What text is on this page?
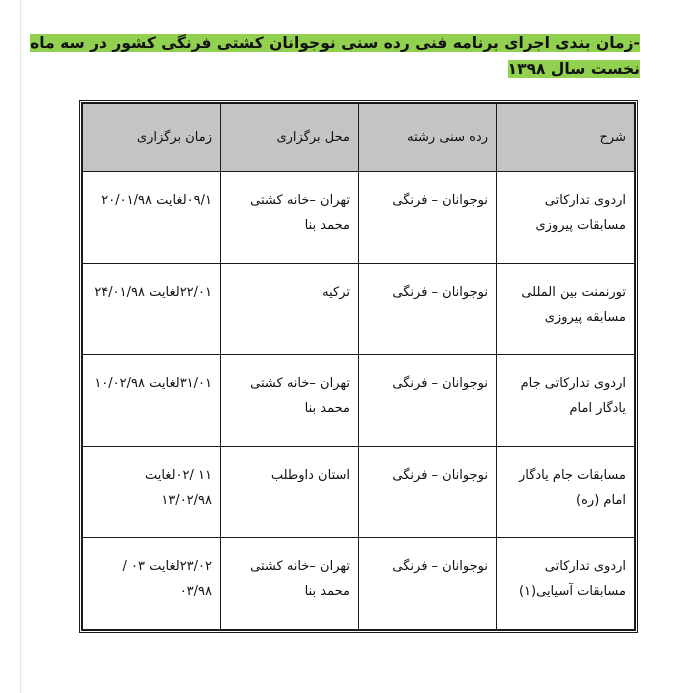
-زمان بندی اجرای برنامه فنی رده سنی نوجوانان کشتی فرنگی کشور در سه ماه نخست سال ۱۳۹۸
شرح	رده سنی رشته	محل برگزاری	زمان برگزاری

اردوی تدارکاتی مسابقات پیروزی	نوجوانان – فرنگی	تهران –خانه کشتی محمد بنا	۰۹/۱لغایت ۲۰/۰۱/۹۸

تورنمنت بین المللی مسابقه پیروزی	نوجوانان – فرنگی	ترکیه	۲۲/۰۱لغایت ۲۴/۰۱/۹۸

اردوی تدارکاتی جام یادگار امام	نوجوانان – فرنگی	تهران –خانه کشتی محمد بنا	۳۱/۰۱لغایت ۱۰/۰۲/۹۸

مسابقات جام یادگار امام (ره)	نوجوانان – فرنگی	استان داوطلب	۱۱ /۰۲لغایت ۱۳/۰۲/۹۸

اردوی تدارکاتی مسابقات آسیایی(۱)	نوجوانان – فرنگی	تهران –خانه کشتی محمد بنا	۲۳/۰۲لغایت ۰۳ / ۰۳/۹۸
